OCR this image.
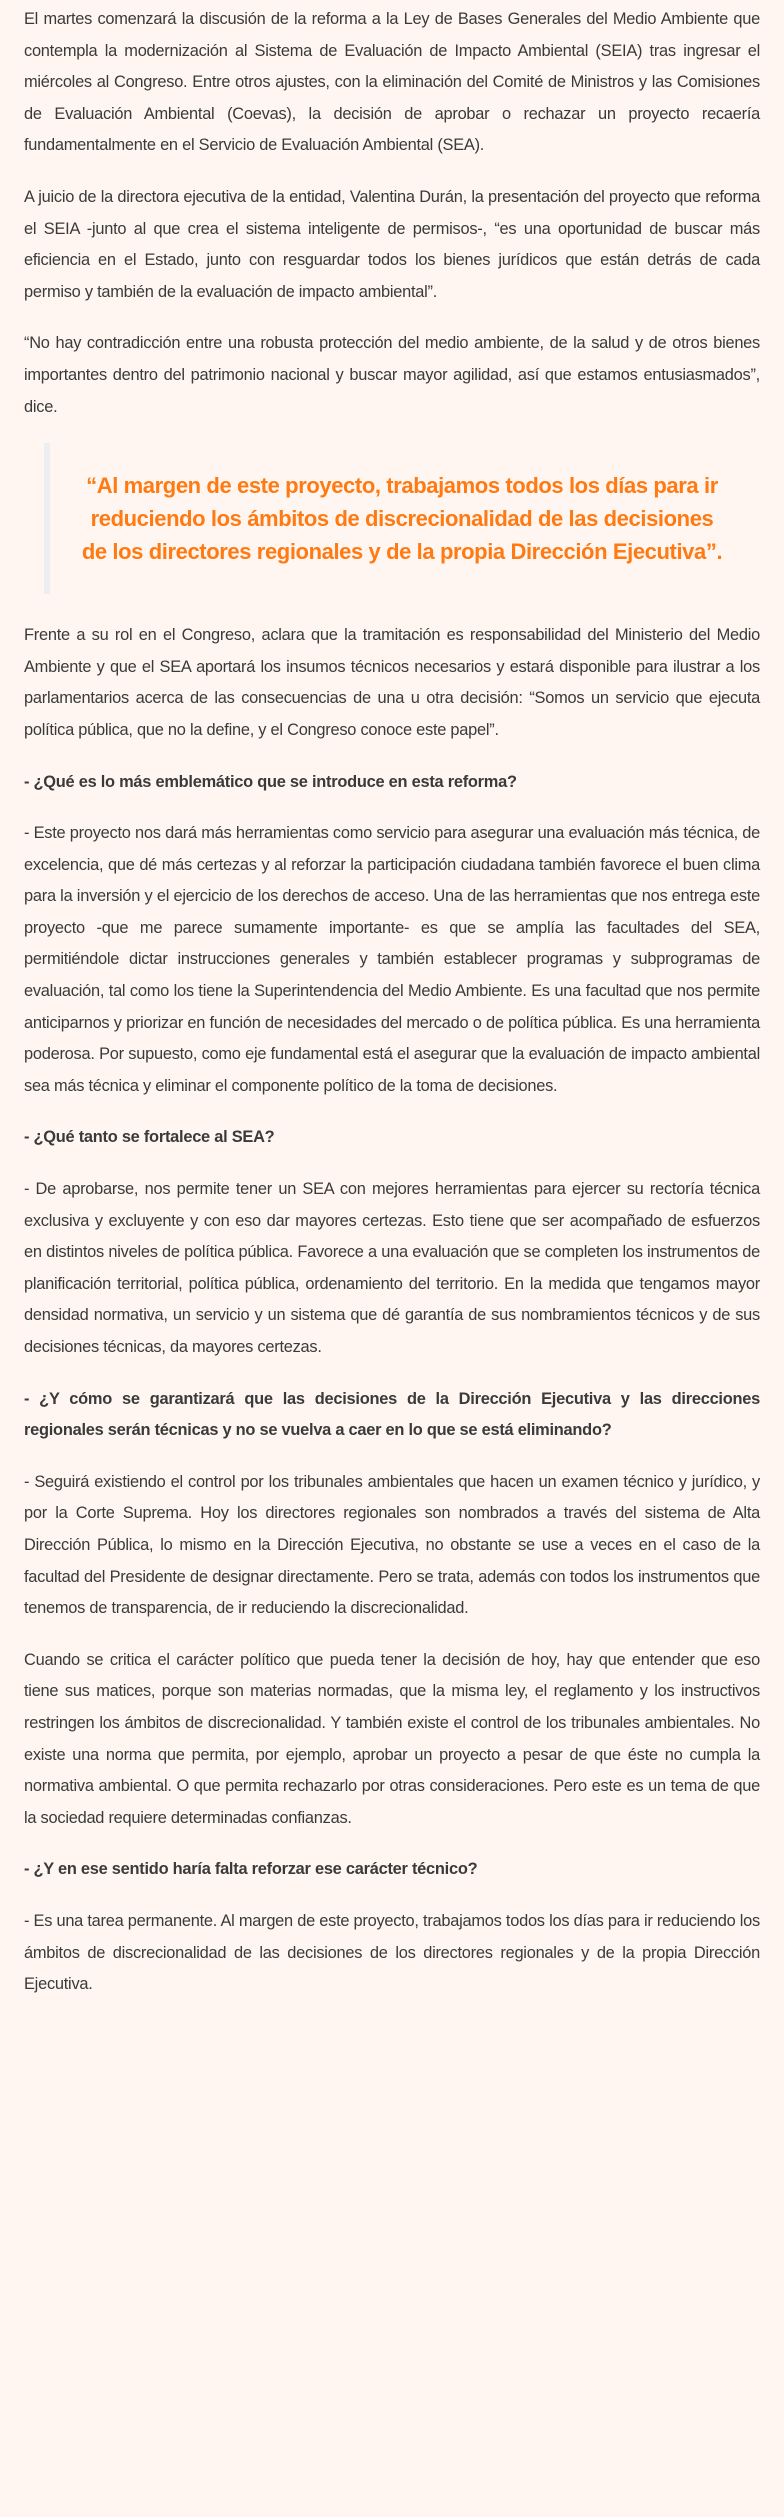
El martes comenzará la discusión de la reforma a la Ley de Bases Generales del Medio Ambiente que contempla la modernización al Sistema de Evaluación de Impacto Ambiental (SEIA) tras ingresar el miércoles al Congreso. Entre otros ajustes, con la eliminación del Comité de Ministros y las Comisiones de Evaluación Ambiental (Coevas), la decisión de aprobar o rechazar un proyecto recaería fundamentalmente en el Servicio de Evaluación Ambiental (SEA).

A juicio de la directora ejecutiva de la entidad, Valentina Durán, la presentación del proyecto que reforma el SEIA -junto al que crea el sistema inteligente de permisos-, “es una oportunidad de buscar más eficiencia en el Estado, junto con resguardar todos los bienes jurídicos que están detrás de cada permiso y también de la evaluación de impacto ambiental”.

“No hay contradicción entre una robusta protección del medio ambiente, de la salud y de otros bienes importantes dentro del patrimonio nacional y buscar mayor agilidad, así que estamos entusiasmados”, dice.

“Al margen de este proyecto, trabajamos todos los días para ir reduciendo los ámbitos de discrecionalidad de las decisiones de los directores regionales y de la propia Dirección Ejecutiva”.

Frente a su rol en el Congreso, aclara que la tramitación es responsabilidad del Ministerio del Medio Ambiente y que el SEA aportará los insumos técnicos necesarios y estará disponible para ilustrar a los parlamentarios acerca de las consecuencias de una u otra decisión: “Somos un servicio que ejecuta política pública, que no la define, y el Congreso conoce este papel”.

- ¿Qué es lo más emblemático que se introduce en esta reforma?

- Este proyecto nos dará más herramientas como servicio para asegurar una evaluación más técnica, de excelencia, que dé más certezas y al reforzar la participación ciudadana también favorece el buen clima para la inversión y el ejercicio de los derechos de acceso. Una de las herramientas que nos entrega este proyecto -que me parece sumamente importante- es que se amplía las facultades del SEA, permitiéndole dictar instrucciones generales y también establecer programas y subprogramas de evaluación, tal como los tiene la Superintendencia del Medio Ambiente. Es una facultad que nos permite anticiparnos y priorizar en función de necesidades del mercado o de política pública. Es una herramienta poderosa. Por supuesto, como eje fundamental está el asegurar que la evaluación de impacto ambiental sea más técnica y eliminar el componente político de la toma de decisiones.

- ¿Qué tanto se fortalece al SEA?

- De aprobarse, nos permite tener un SEA con mejores herramientas para ejercer su rectoría técnica exclusiva y excluyente y con eso dar mayores certezas. Esto tiene que ser acompañado de esfuerzos en distintos niveles de política pública. Favorece a una evaluación que se completen los instrumentos de planificación territorial, política pública, ordenamiento del territorio. En la medida que tengamos mayor densidad normativa, un servicio y un sistema que dé garantía de sus nombramientos técnicos y de sus decisiones técnicas, da mayores certezas.

- ¿Y cómo se garantizará que las decisiones de la Dirección Ejecutiva y las direcciones regionales serán técnicas y no se vuelva a caer en lo que se está eliminando?

- Seguirá existiendo el control por los tribunales ambientales que hacen un examen técnico y jurídico, y por la Corte Suprema. Hoy los directores regionales son nombrados a través del sistema de Alta Dirección Pública, lo mismo en la Dirección Ejecutiva, no obstante se use a veces en el caso de la facultad del Presidente de designar directamente. Pero se trata, además con todos los instrumentos que tenemos de transparencia, de ir reduciendo la discrecionalidad.

Cuando se critica el carácter político que pueda tener la decisión de hoy, hay que entender que eso tiene sus matices, porque son materias normadas, que la misma ley, el reglamento y los instructivos restringen los ámbitos de discrecionalidad. Y también existe el control de los tribunales ambientales. No existe una norma que permita, por ejemplo, aprobar un proyecto a pesar de que éste no cumpla la normativa ambiental. O que permita rechazarlo por otras consideraciones. Pero este es un tema de que la sociedad requiere determinadas confianzas.

- ¿Y en ese sentido haría falta reforzar ese carácter técnico?

- Es una tarea permanente. Al margen de este proyecto, trabajamos todos los días para ir reduciendo los ámbitos de discrecionalidad de las decisiones de los directores regionales y de la propia Dirección Ejecutiva.
